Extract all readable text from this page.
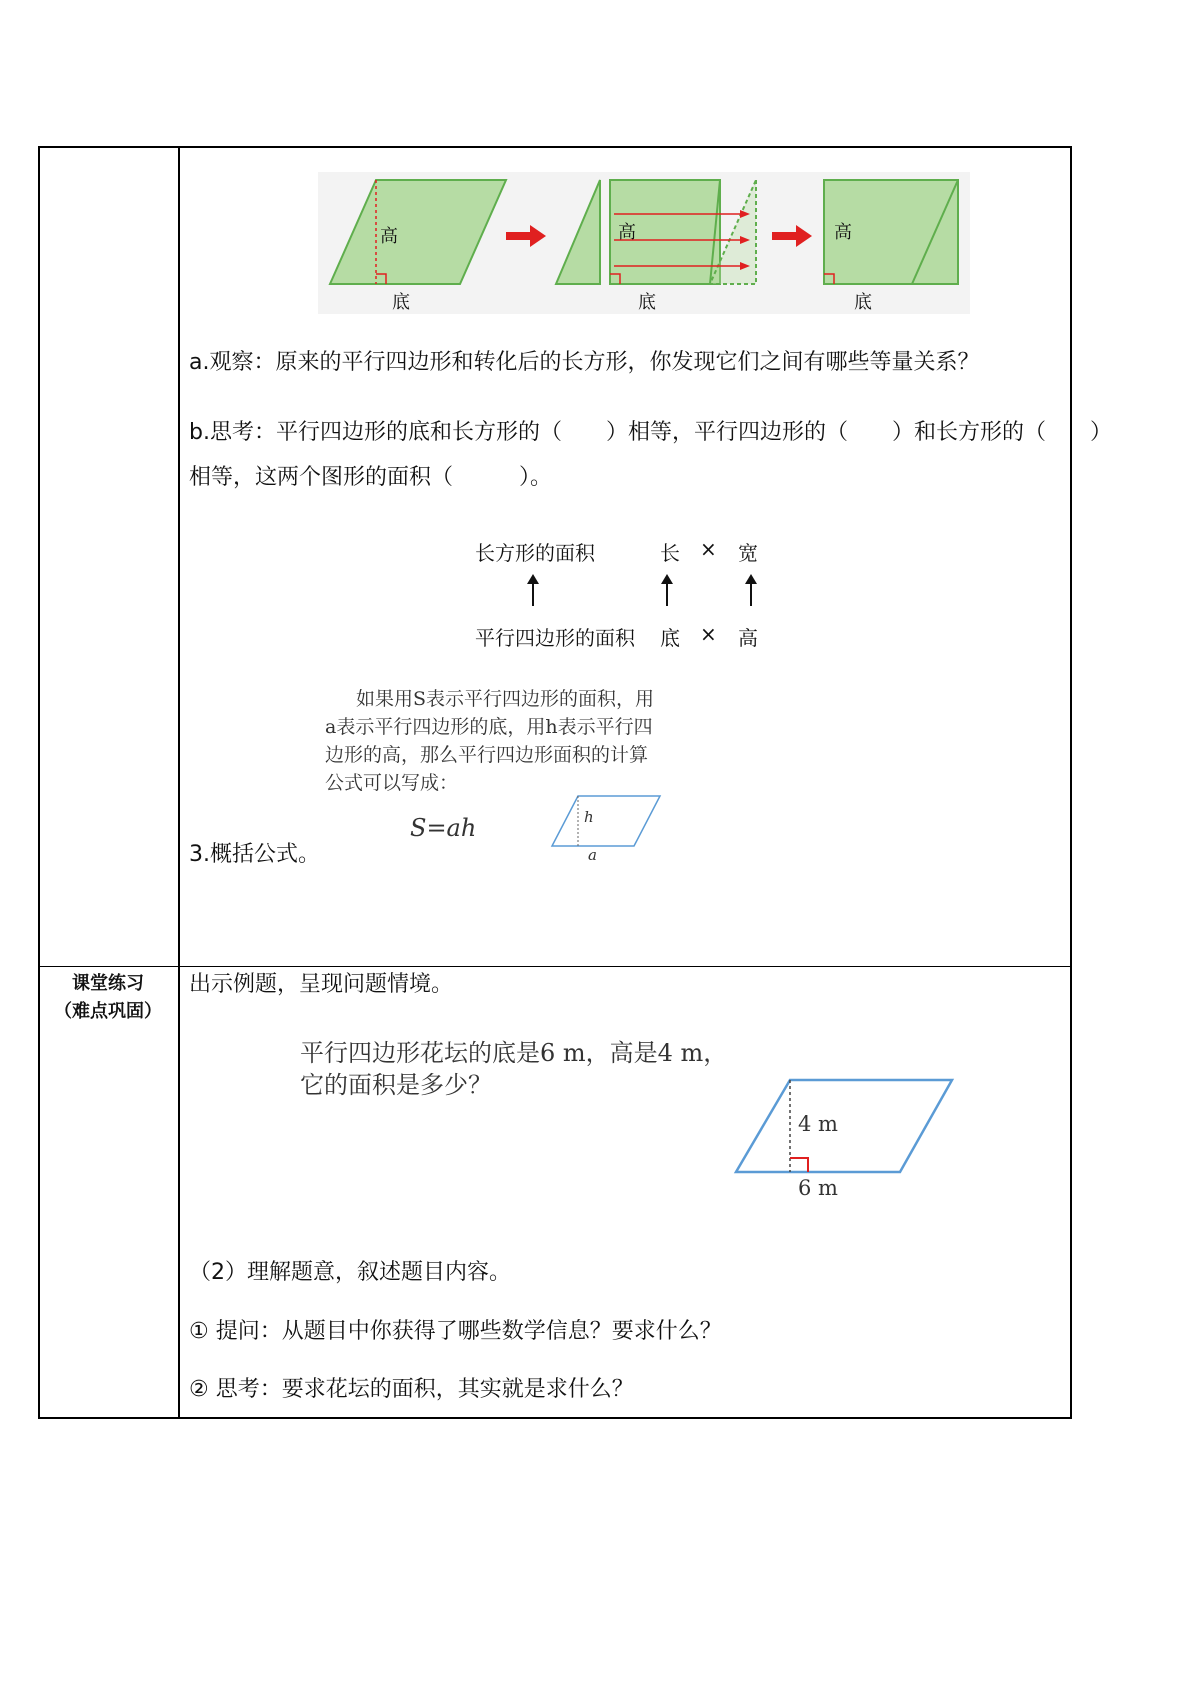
高	高	高
底	底	底
a.观察：原来的平行四边形和转化后的长方形，你发现它们之间有哪些等量关系？
b.思考：平行四边形的底和长方形的（　　）相等，平行四边形的（　　）和长方形的（　　）
相等，这两个图形的面积（　　　）。
长方形的面积	长 × 宽
平行四边形的面积 底 × 高
如果用S表示平行四边形的面积，用
a表示平行四边形的底，用h表示平行四
边形的高，那么平行四边形面积的计算
公式可以写成：
S=ah	h
a
3.概括公式。
课堂练习
（难点巩固）
出示例题，呈现问题情境。
平行四边形花坛的底是6 m，高是4 m，
它的面积是多少？
4 m
6 m
（2）理解题意，叙述题目内容。
① 提问：从题目中你获得了哪些数学信息？要求什么？
② 思考：要求花坛的面积，其实就是求什么？
